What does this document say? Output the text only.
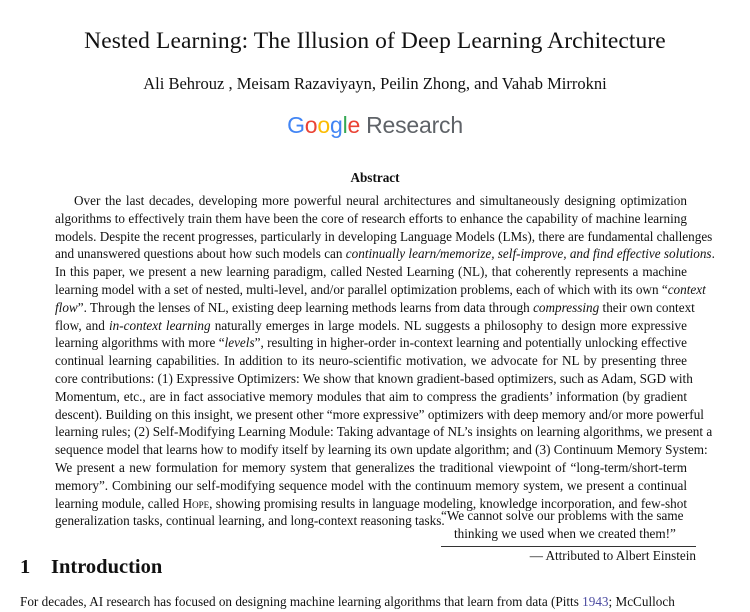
Nested Learning: The Illusion of Deep Learning Architecture
Ali Behrouz , Meisam Razaviyayn, Peilin Zhong, and Vahab Mirrokni
Google Research
Abstract
Over the last decades, developing more powerful neural architectures and simultaneously designing optimization
algorithms to effectively train them have been the core of research efforts to enhance the capability of machine learning
models. Despite the recent progresses, particularly in developing Language Models (LMs), there are fundamental challenges
and unanswered questions about how such models can continually learn/memorize, self-improve, and find effective solutions.
In this paper, we present a new learning paradigm, called Nested Learning (NL), that coherently represents a machine
learning model with a set of nested, multi-level, and/or parallel optimization problems, each of which with its own “context
flow”. Through the lenses of NL, existing deep learning methods learns from data through compressing their own context
flow, and in-context learning naturally emerges in large models. NL suggests a philosophy to design more expressive
learning algorithms with more “levels”, resulting in higher-order in-context learning and potentially unlocking effective
continual learning capabilities. In addition to its neuro-scientific motivation, we advocate for NL by presenting three
core contributions: (1) Expressive Optimizers: We show that known gradient-based optimizers, such as Adam, SGD with
Momentum, etc., are in fact associative memory modules that aim to compress the gradients’ information (by gradient
descent). Building on this insight, we present other “more expressive” optimizers with deep memory and/or more powerful
learning rules; (2) Self-Modifying Learning Module: Taking advantage of NL’s insights on learning algorithms, we present a
sequence model that learns how to modify itself by learning its own update algorithm; and (3) Continuum Memory System:
We present a new formulation for memory system that generalizes the traditional viewpoint of “long-term/short-term
memory”. Combining our self-modifying sequence model with the continuum memory system, we present a continual
learning module, called Hope, showing promising results in language modeling, knowledge incorporation, and few-shot
generalization tasks, continual learning, and long-context reasoning tasks.
“We cannot solve our problems with the same
thinking we used when we created them!”
— Attributed to Albert Einstein
1 Introduction
For decades, AI research has focused on designing machine learning algorithms that learn from data (Pitts 1943; McCulloch
